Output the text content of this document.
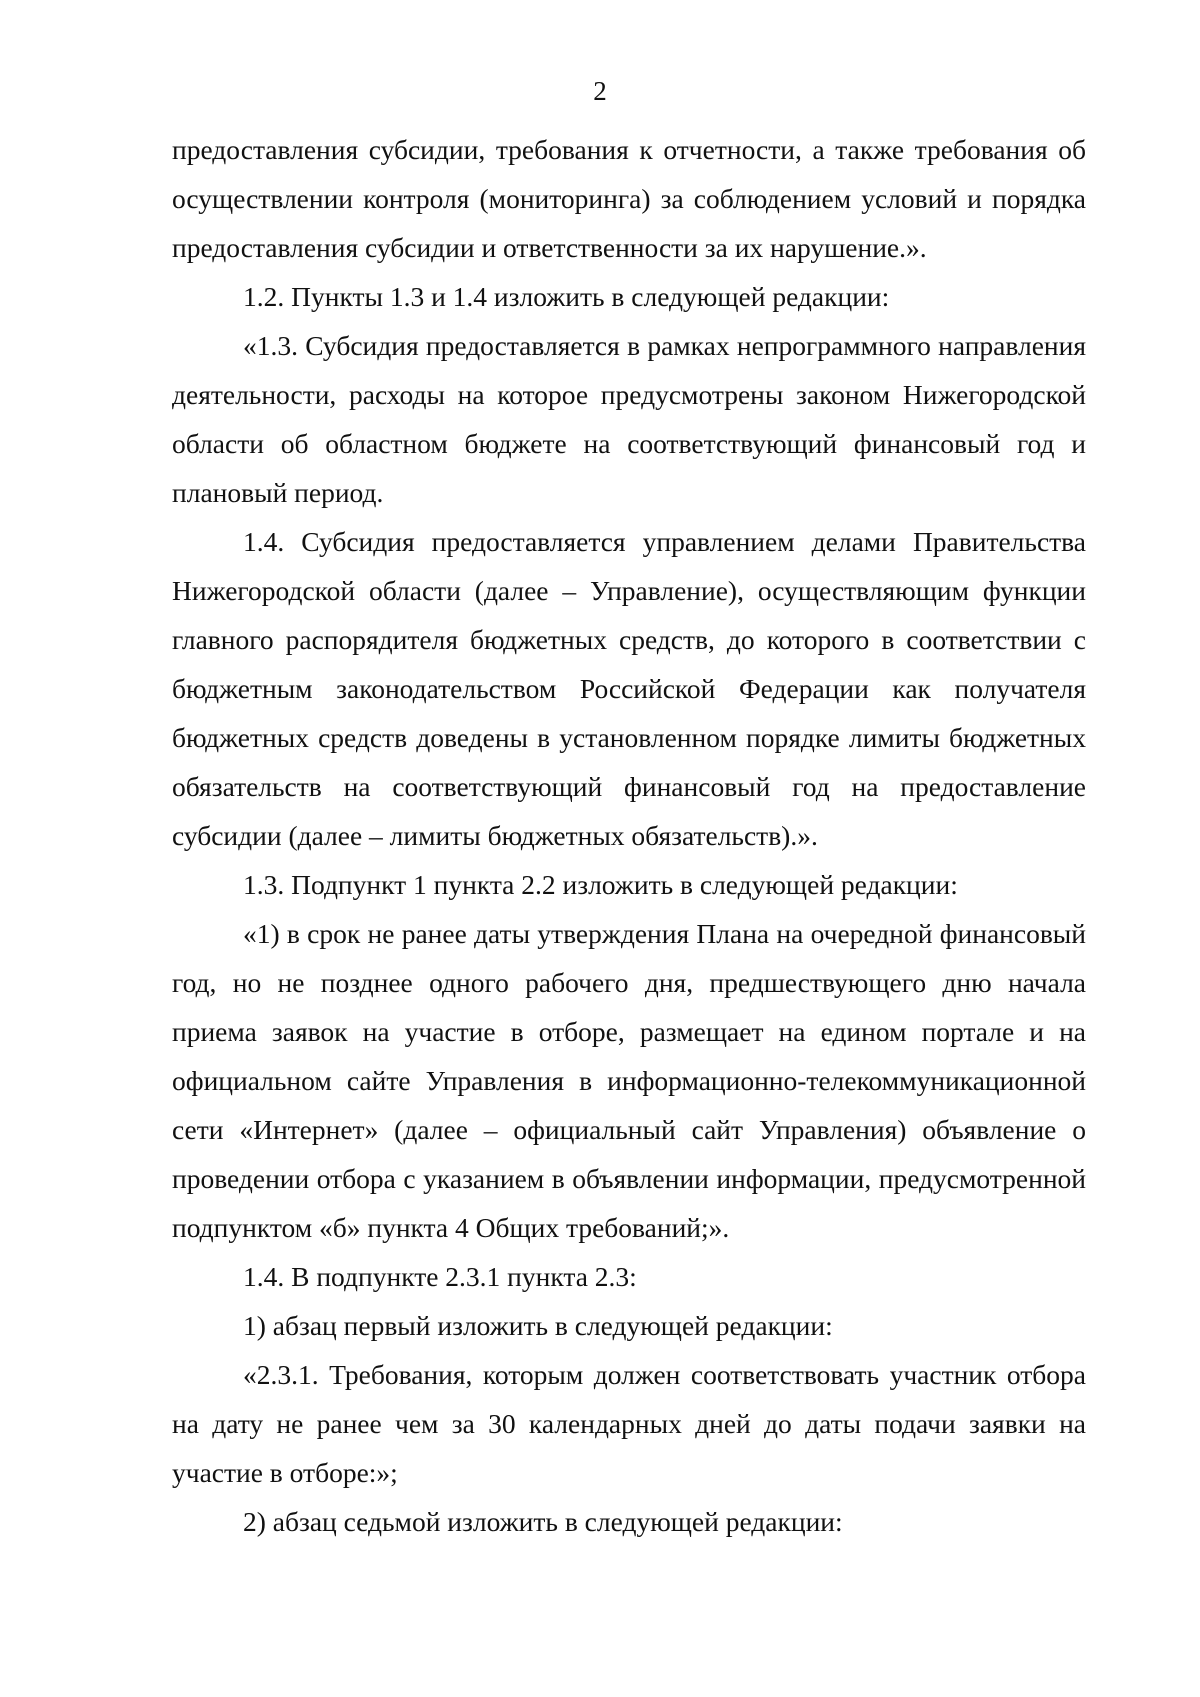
2

предоставления субсидии, требования к отчетности, а также требования об осуществлении контроля (мониторинга) за соблюдением условий и порядка предоставления субсидии и ответственности за их нарушение.».

1.2. Пункты 1.3 и 1.4 изложить в следующей редакции:

«1.3. Субсидия предоставляется в рамках непрограммного направления деятельности, расходы на которое предусмотрены законом Нижегородской области об областном бюджете на соответствующий финансовый год и плановый период.

1.4. Субсидия предоставляется управлением делами Правительства Нижегородской области (далее – Управление), осуществляющим функции главного распорядителя бюджетных средств, до которого в соответствии с бюджетным законодательством Российской Федерации как получателя бюджетных средств доведены в установленном порядке лимиты бюджетных обязательств на соответствующий финансовый год на предоставление субсидии (далее – лимиты бюджетных обязательств).».

1.3. Подпункт 1 пункта 2.2 изложить в следующей редакции:

«1) в срок не ранее даты утверждения Плана на очередной финансовый год, но не позднее одного рабочего дня, предшествующего дню начала приема заявок на участие в отборе, размещает на едином портале и на официальном сайте Управления в информационно-телекоммуникационной сети «Интернет» (далее – официальный сайт Управления) объявление о проведении отбора с указанием в объявлении информации, предусмотренной подпунктом «б» пункта 4 Общих требований;».

1.4. В подпункте 2.3.1 пункта 2.3:

1) абзац первый изложить в следующей редакции:

«2.3.1. Требования, которым должен соответствовать участник отбора на дату не ранее чем за 30 календарных дней до даты подачи заявки на участие в отборе:»;

2) абзац седьмой изложить в следующей редакции:
